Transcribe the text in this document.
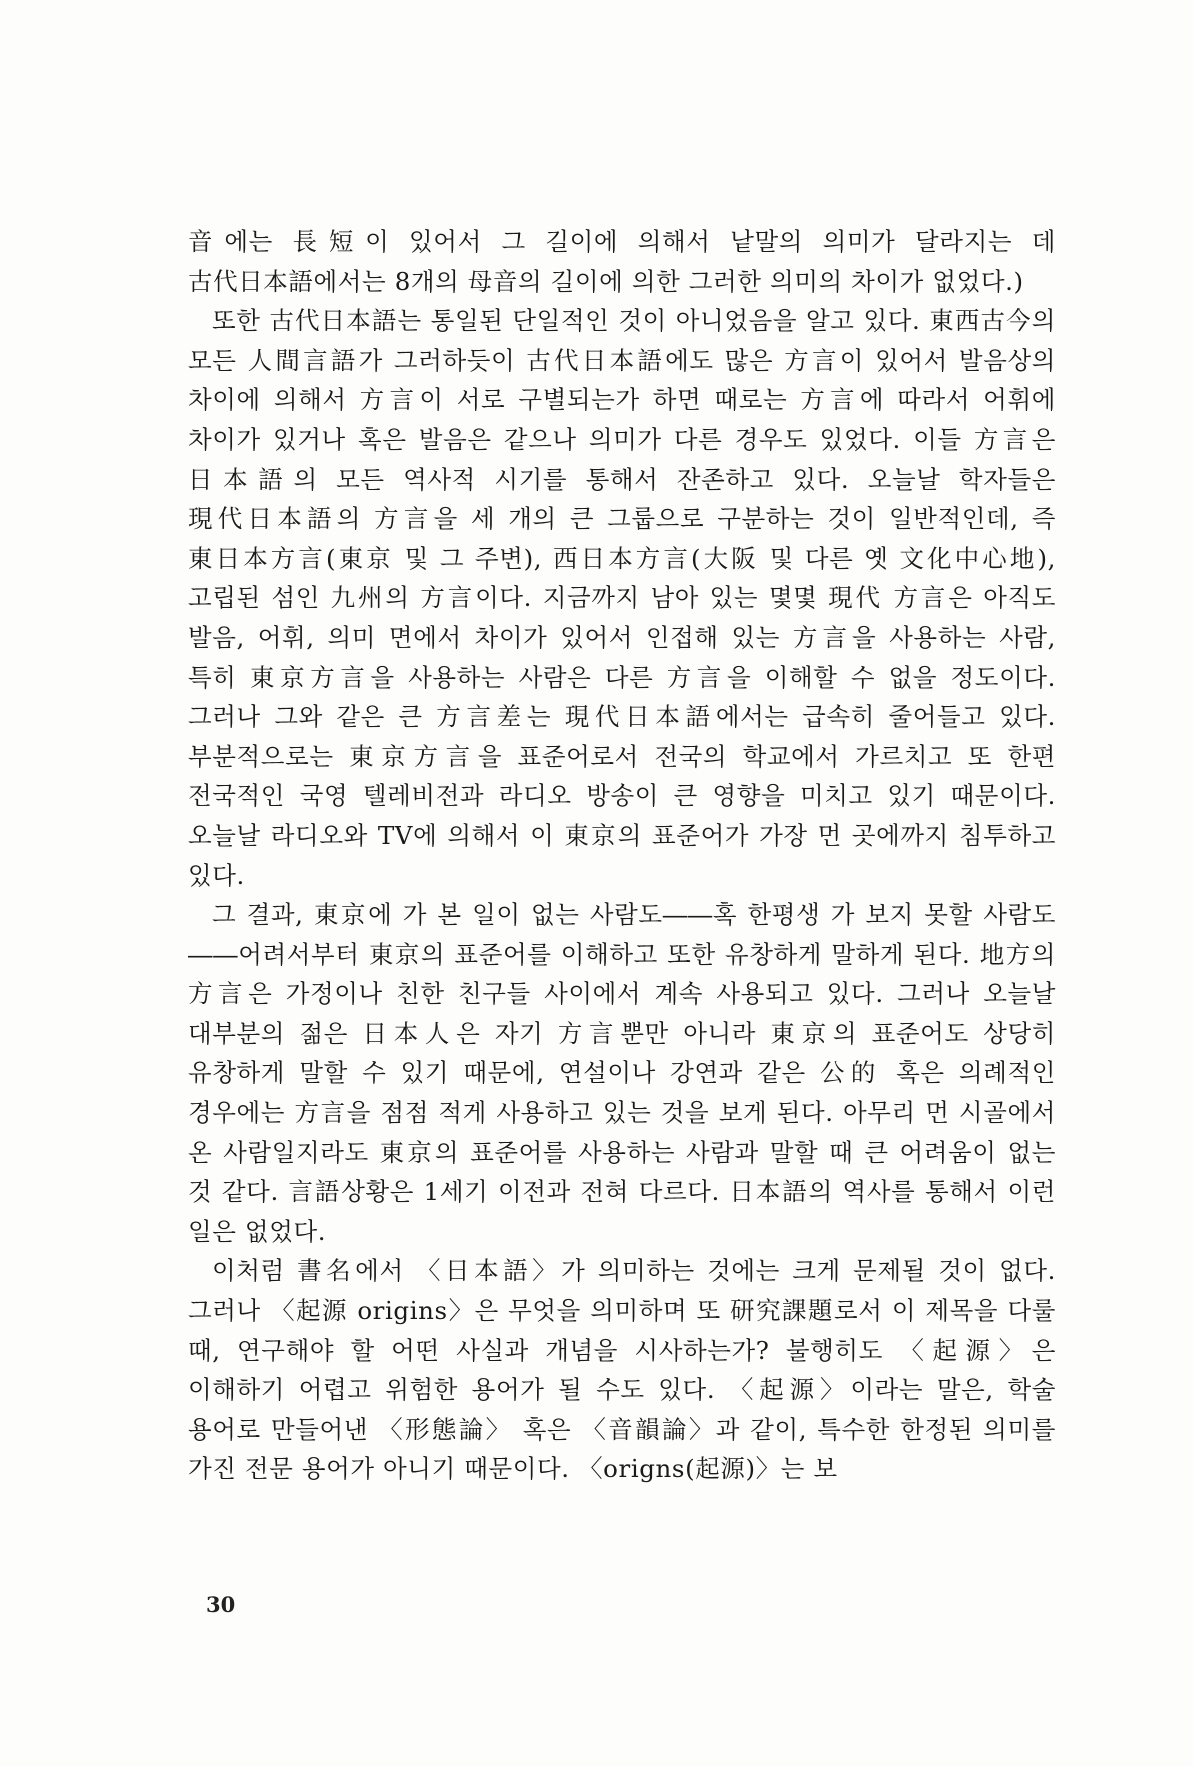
音에는 長短이 있어서 그 길이에 의해서 낱말의 의미가 달라지는 데 古代日本語에서는 8개의 母音의 길이에 의한 그러한 의미의 차이가 없었다.)

또한 古代日本語는 통일된 단일적인 것이 아니었음을 알고 있다. 東西古今의 모든 人間言語가 그러하듯이 古代日本語에도 많은 方言이 있어서 발음상의 차이에 의해서 方言이 서로 구별되는가 하면 때로는 方言에 따라서 어휘에 차이가 있거나 혹은 발음은 같으나 의미가 다른 경우도 있었다. 이들 方言은 日本語의 모든 역사적 시기를 통해서 잔존하고 있다. 오늘날 학자들은 現代日本語의 方言을 세 개의 큰 그룹으로 구분하는 것이 일반적인데, 즉 東日本方言(東京 및 그 주변), 西日本方言(大阪 및 다른 옛 文化中心地), 고립된 섬인 九州의 方言이다. 지금까지 남아 있는 몇몇 現代 方言은 아직도 발음, 어휘, 의미 면에서 차이가 있어서 인접해 있는 方言을 사용하는 사람, 특히 東京方言을 사용하는 사람은 다른 方言을 이해할 수 없을 정도이다. 그러나 그와 같은 큰 方言差는 現代日本語에서는 급속히 줄어들고 있다. 부분적으로는 東京方言을 표준어로서 전국의 학교에서 가르치고 또 한편 전국적인 국영 텔레비전과 라디오 방송이 큰 영향을 미치고 있기 때문이다. 오늘날 라디오와 TV에 의해서 이 東京의 표준어가 가장 먼 곳에까지 침투하고 있다.

그 결과, 東京에 가 본 일이 없는 사람도――혹 한평생 가 보지 못할 사람도――어려서부터 東京의 표준어를 이해하고 또한 유창하게 말하게 된다. 地方의 方言은 가정이나 친한 친구들 사이에서 계속 사용되고 있다. 그러나 오늘날 대부분의 젊은 日本人은 자기 方言뿐만 아니라 東京의 표준어도 상당히 유창하게 말할 수 있기 때문에, 연설이나 강연과 같은 公的 혹은 의례적인 경우에는 方言을 점점 적게 사용하고 있는 것을 보게 된다. 아무리 먼 시골에서 온 사람일지라도 東京의 표준어를 사용하는 사람과 말할 때 큰 어려움이 없는 것 같다. 言語상황은 1세기 이전과 전혀 다르다. 日本語의 역사를 통해서 이런 일은 없었다.

이처럼 書名에서 〈日本語〉가 의미하는 것에는 크게 문제될 것이 없다. 그러나 〈起源 origins〉은 무엇을 의미하며 또 研究課題로서 이 제목을 다룰 때, 연구해야 할 어떤 사실과 개념을 시사하는가? 불행히도 〈起源〉은 이해하기 어렵고 위험한 용어가 될 수도 있다. 〈起源〉이라는 말은, 학술 용어로 만들어낸 〈形態論〉 혹은 〈音韻論〉과 같이, 특수한 한정된 의미를 가진 전문 용어가 아니기 때문이다. 〈origns(起源)〉는 보

30
